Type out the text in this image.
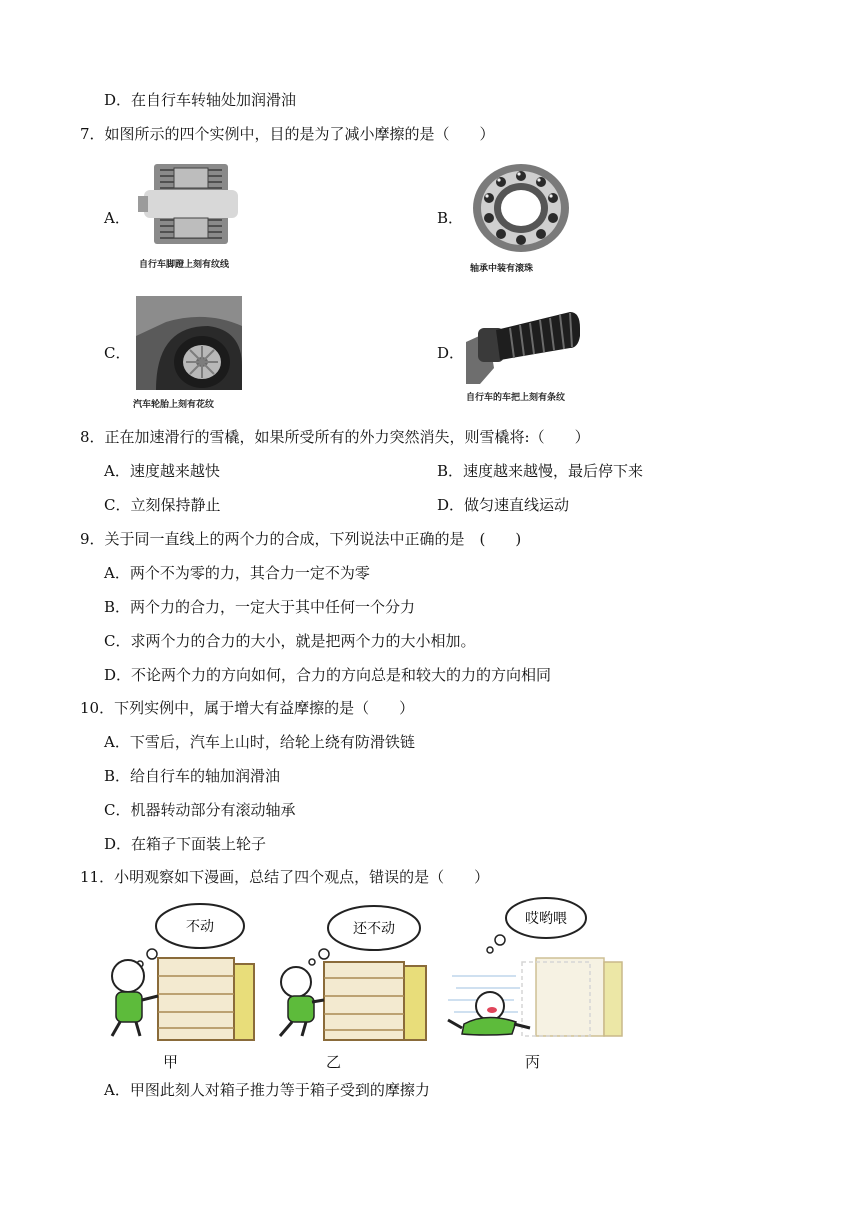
D．在自行车转轴处加润滑油
7．如图所示的四个实例中，目的是为了减小摩擦的是（　　）
A．
自行车脚蹬上刻有纹线
B．
轴承中装有滚珠
C．
汽车轮胎上刻有花纹
D．
自行车的车把上刻有条纹
8．正在加速滑行的雪橇，如果所受所有的外力突然消失，则雪橇将:（　　）
A．速度越来越快	B．速度越来越慢，最后停下来
C．立刻保持静止	D．做匀速直线运动
9．关于同一直线上的两个力的合成，下列说法中正确的是　(　　)
A．两个不为零的力，其合力一定不为零
B．两个力的合力，一定大于其中任何一个分力
C．求两个力的合力的大小，就是把两个力的大小相加。
D．不论两个力的方向如何，合力的方向总是和较大的力的方向相同
10．下列实例中，属于增大有益摩擦的是（　　）
A．下雪后，汽车上山时，给轮上绕有防滑铁链
B．给自行车的轴加润滑油
C．机器转动部分有滚动轴承
D．在箱子下面装上轮子
11．小明观察如下漫画，总结了四个观点，错误的是（　　）
不动	还不动
哎哟喂
甲	乙	丙
A．甲图此刻人对箱子推力等于箱子受到的摩擦力
